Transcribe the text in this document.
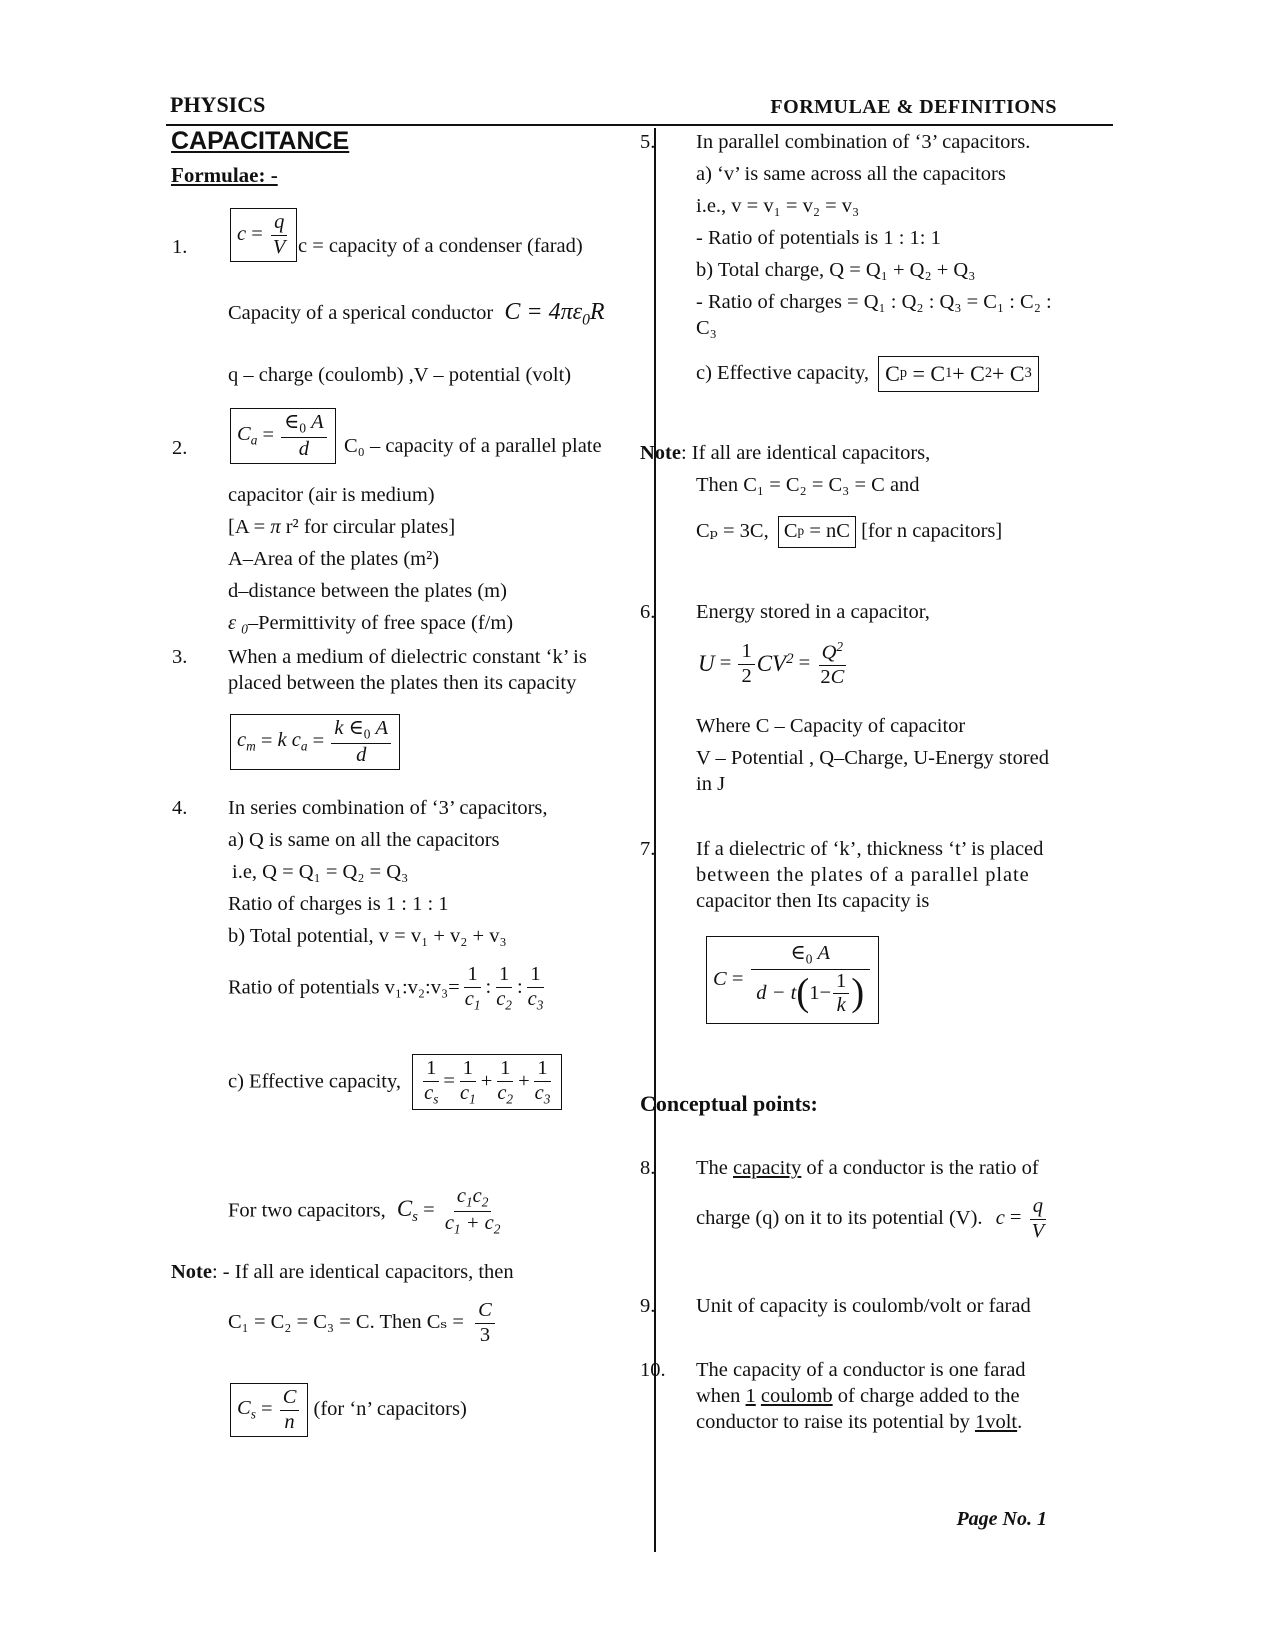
PHYSICS	FORMULAE & DEFINITIONS
CAPACITANCE
Formulae: -
1.
$c = \frac{q}{V}$ c = capacity of a condenser (farad)
Capacity of a sperical conductor $C = 4\pi\varepsilon_0R$
q – charge (coulomb) ,V – potential (volt)
2.
$C_a = \frac{\in_0 A}{d} C_0$ – capacity of a parallel plate
capacitor (air is medium)
[A = π r² for circular plates]
A–Area of the plates (m²)
d–distance between the plates (m)
ε $_0$–Permittivity of free space (f/m)
3. When a medium of dielectric constant ‘k’ is
placed between the plates then its capacity
$c_m = k$ $c_a = \frac{k \in_0 A}{d}$
4. In series combination of ‘3’ capacitors,
a) Q is same on all the capacitors
i.e, Q = Q₁ = Q₂ = Q₃
Ratio of charges is 1 : 1 : 1
b) Total potential, v = v₁ + v₂ + v₃
Ratio of potentials v₁:v₂:v₃= $\frac{1}{c_1}$ : $\frac{1}{c_2}$ : $\frac{1}{c_3}$
c) Effective capacity, $\frac{1}{c_s} = \frac{1}{c_1} + \frac{1}{c_2} + \frac{1}{c_3}$
For two capacitors, $C_s = \frac{c_1c_2}{c_1 + c_2}$
Note: - If all are identical capacitors, then
C₁ = C₂ = C₃ = C. Then $C_s = \frac{C}{3}$
$C_s = \frac{C}{n} (for$ ‘n’ capacitors)
5. In parallel combination of ‘3’ capacitors.
a) ‘v’ is same across all the capacitors
i.e., v = v₁ = v₂ = v₃
- Ratio of potentials is 1 : 1: 1
b) Total charge, Q = Q₁ + Q₂ + Q₃
- Ratio of charges = Q₁ : Q₂ : Q₃ = C₁ : C₂ :
C₃
c) Effective capacity, C p = C 1 + C 2 + C 3
Note: If all are identical capacitors,
Then C₁ = C₂ = C₃ = C and
Cₚ = 3C, C p = nC [for n capacitors]
6. Energy stored in a capacitor,
$U = \frac{1}{2} CV^2 = \frac{Q^2}{2C}$
Where C – Capacity of capacitor
V – Potential , Q–Charge, U-Energy stored
in J
7. If a dielectric of ‘k’, thickness ‘t’ is placed
between the plates of a parallel plate
capacitor then Its capacity is
$C = \frac{\in_0 A}{d - t ( 1- \frac{1}{k} )}$
Conceptual points:
8. The capacity of a conductor is the ratio of
charge (q) on it to its potential (V). $c = \frac{q}{V}$
9. Unit of capacity is coulomb/volt or farad
10. The capacity of a conductor is one farad
when 1 coulomb of charge added to the
conductor to raise its potential by 1volt.
Page No. 1
